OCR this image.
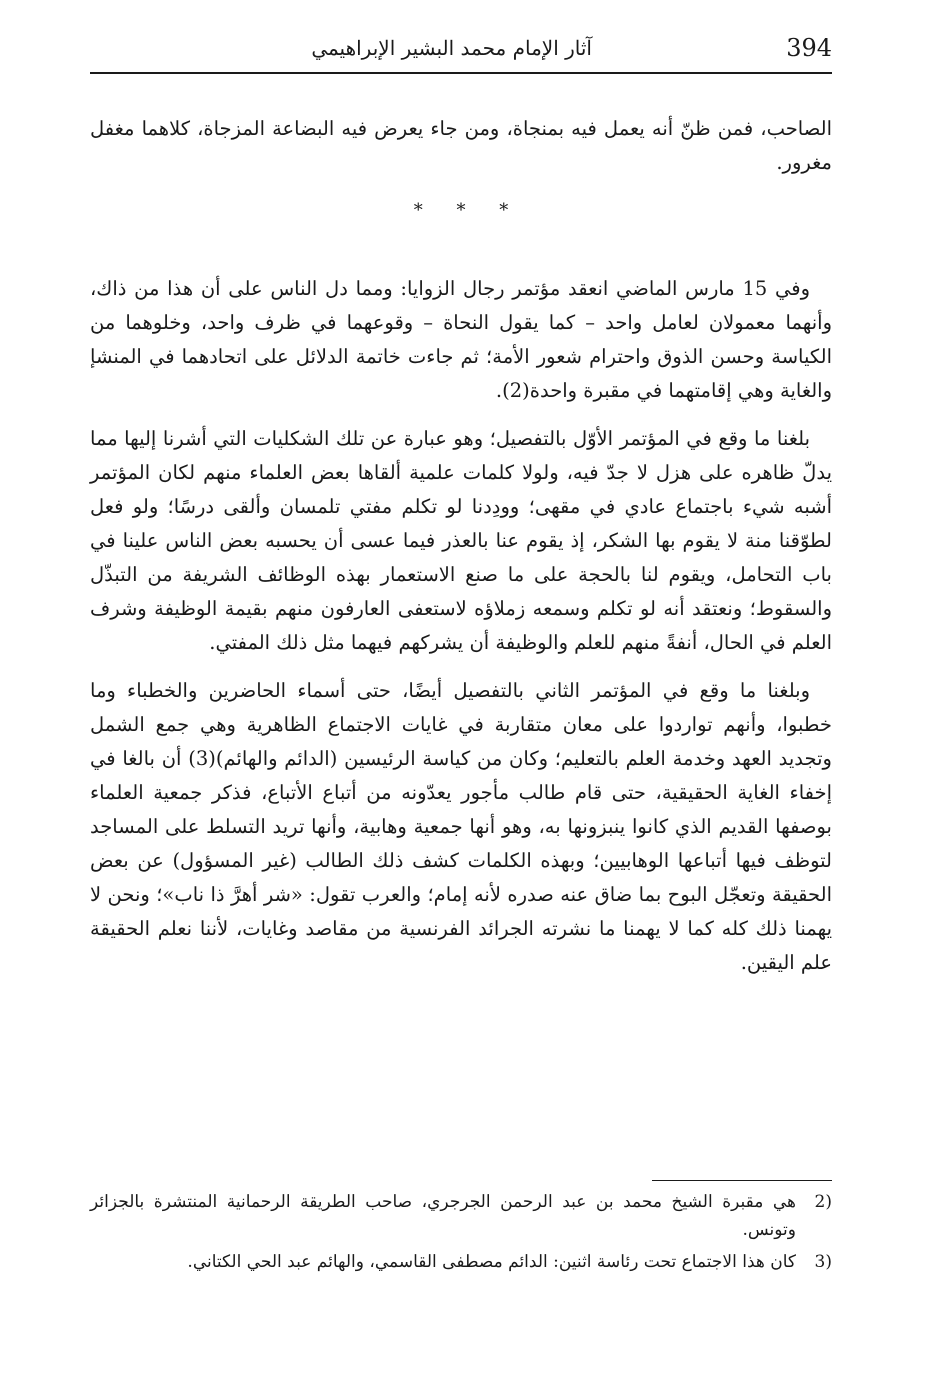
394
آثار الإمام محمد البشير الإبراهيمي

الصاحب، فمن ظنّ أنه يعمل فيه بمنجاة، ومن جاء يعرض فيه البضاعة المزجاة، كلاهما مغفل مغرور.

* * *

وفي 15 مارس الماضي انعقد مؤتمر رجال الزوايا: ومما دل الناس على أن هذا من ذاك، وأنهما معمولان لعامل واحد – كما يقول النحاة – وقوعهما في ظرف واحد، وخلوهما من الكياسة وحسن الذوق واحترام شعور الأمة؛ ثم جاءت خاتمة الدلائل على اتحادهما في المنشإ والغاية وهي إقامتهما في مقبرة واحدة(2).

بلغنا ما وقع في المؤتمر الأوّل بالتفصيل؛ وهو عبارة عن تلك الشكليات التي أشرنا إليها مما يدلّ ظاهره على هزل لا جدّ فيه، ولولا كلمات علمية ألقاها بعض العلماء منهم لكان المؤتمر أشبه شيء باجتماع عادي في مقهى؛ وودِدنا لو تكلم مفتي تلمسان وألقى درسًا؛ ولو فعل لطوّقنا منة لا يقوم بها الشكر، إذ يقوم عنا بالعذر فيما عسى أن يحسبه بعض الناس علينا في باب التحامل، ويقوم لنا بالحجة على ما صنع الاستعمار بهذه الوظائف الشريفة من التبذّل والسقوط؛ ونعتقد أنه لو تكلم وسمعه زملاؤه لاستعفى العارفون منهم بقيمة الوظيفة وشرف العلم في الحال، أنفةً منهم للعلم والوظيفة أن يشركهم فيهما مثل ذلك المفتي.

وبلغنا ما وقع في المؤتمر الثاني بالتفصيل أيضًا، حتى أسماء الحاضرين والخطباء وما خطبوا، وأنهم تواردوا على معان متقاربة في غايات الاجتماع الظاهرية وهي جمع الشمل وتجديد العهد وخدمة العلم بالتعليم؛ وكان من كياسة الرئيسين (الدائم والهائم)(3) أن بالغا في إخفاء الغاية الحقيقية، حتى قام طالب مأجور يعدّونه من أتباع الأتباع، فذكر جمعية العلماء بوصفها القديم الذي كانوا ينبزونها به، وهو أنها جمعية وهابية، وأنها تريد التسلط على المساجد لتوظف فيها أتباعها الوهابيين؛ وبهذه الكلمات كشف ذلك الطالب (غير المسؤول) عن بعض الحقيقة وتعجّل البوح بما ضاق عنه صدره لأنه إمام؛ والعرب تقول: «شر أهرَّ ذا ناب»؛ ونحن لا يهمنا ذلك كله كما لا يهمنا ما نشرته الجرائد الفرنسية من مقاصد وغايات، لأننا نعلم الحقيقة علم اليقين.

2)
هي مقبرة الشيخ محمد بن عبد الرحمن الجرجري، صاحب الطريقة الرحمانية المنتشرة بالجزائر وتونس.
3)
كان هذا الاجتماع تحت رئاسة اثنين: الدائم مصطفى القاسمي، والهائم عبد الحي الكتاني.
